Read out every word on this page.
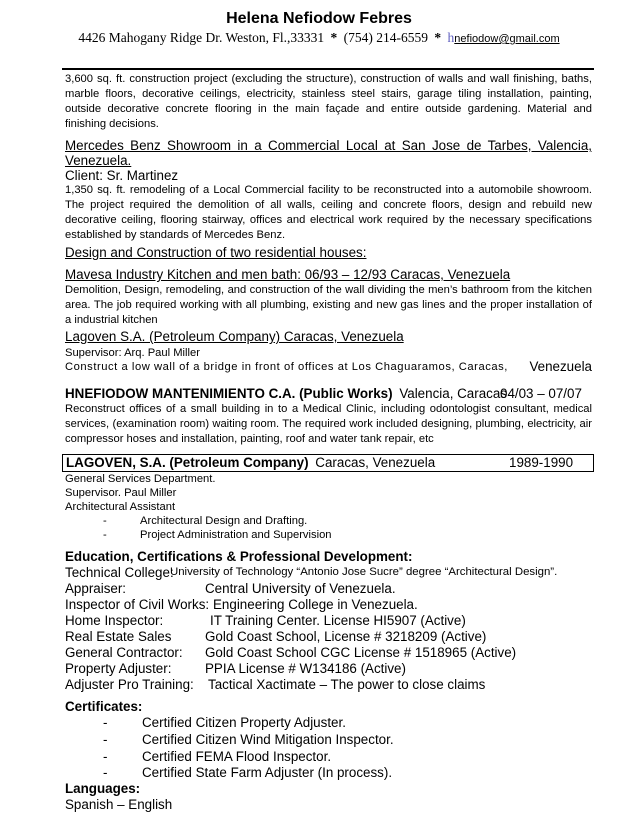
Helena Nefiodow Febres
4426 Mahogany Ridge Dr. Weston, Fl.,33331 * (754) 214-6559 * hnefiodow@gmail.com
3,600 sq. ft. construction project (excluding the structure), construction of walls and wall finishing, baths, marble floors, decorative ceilings, electricity, stainless steel stairs, garage tiling installation, painting, outside decorative concrete flooring in the main façade and entire outside gardening. Material and finishing decisions.
Mercedes Benz Showroom in a Commercial Local at San Jose de Tarbes, Valencia,
Venezuela.
Client: Sr. Martinez
1,350 sq. ft. remodeling of a Local Commercial facility to be reconstructed into a automobile showroom. The project required the demolition of all walls, ceiling and concrete floors, design and rebuild new decorative ceiling, flooring stairway, offices and electrical work required by the necessary specifications established by standards of Mercedes Benz.
Design and Construction of two residential houses:
Mavesa Industry Kitchen and men bath: 06/93 – 12/93 Caracas, Venezuela
Demolition, Design, remodeling, and construction of the wall dividing the men’s bathroom from the kitchen area. The job required working with all plumbing, existing and new gas lines and the proper installation of a industrial kitchen
Lagoven S.A. (Petroleum Company) Caracas, Venezuela
Supervisor: Arq. Paul Miller
Construct a low wall of a bridge in front of offices at Los Chaguaramos, Caracas, Venezuela
HNEFIODOW MANTENIMIENTO C.A. (Public Works) Valencia, Caracas
04/03 – 07/07
Reconstruct offices of a small building in to a Medical Clinic, including odontologist consultant, medical services, (examination room) waiting room. The required work included designing, plumbing, electricity, air compressor hoses and installation, painting, roof and water tank repair, etc
LAGOVEN, S.A. (Petroleum Company) Caracas, Venezuela	1989-1990
General Services Department.
Supervisor. Paul Miller
Architectural Assistant
-	Architectural Design and Drafting.
-	Project Administration and Supervision
Education, Certifications & Professional Development:
Technical College:
University of Technology “Antonio Jose Sucre” degree “Architectural Design”.
Appraiser:	Central University of Venezuela.
Inspector of Civil Works: Engineering College in Venezuela.
Home Inspector:	IT Training Center. License HI5907 (Active)
Real Estate Sales	Gold Coast School, License # 3218209 (Active)
General Contractor: Gold Coast School CGC License # 1518965 (Active)
Property Adjuster:	PPIA License # W134186 (Active)
Adjuster Pro Training: Tactical Xactimate – The power to close claims
Certificates:
-	Certified Citizen Property Adjuster.
-	Certified Citizen Wind Mitigation Inspector.
-	Certified FEMA Flood Inspector.
-	Certified State Farm Adjuster (In process).
Languages:
Spanish – English
